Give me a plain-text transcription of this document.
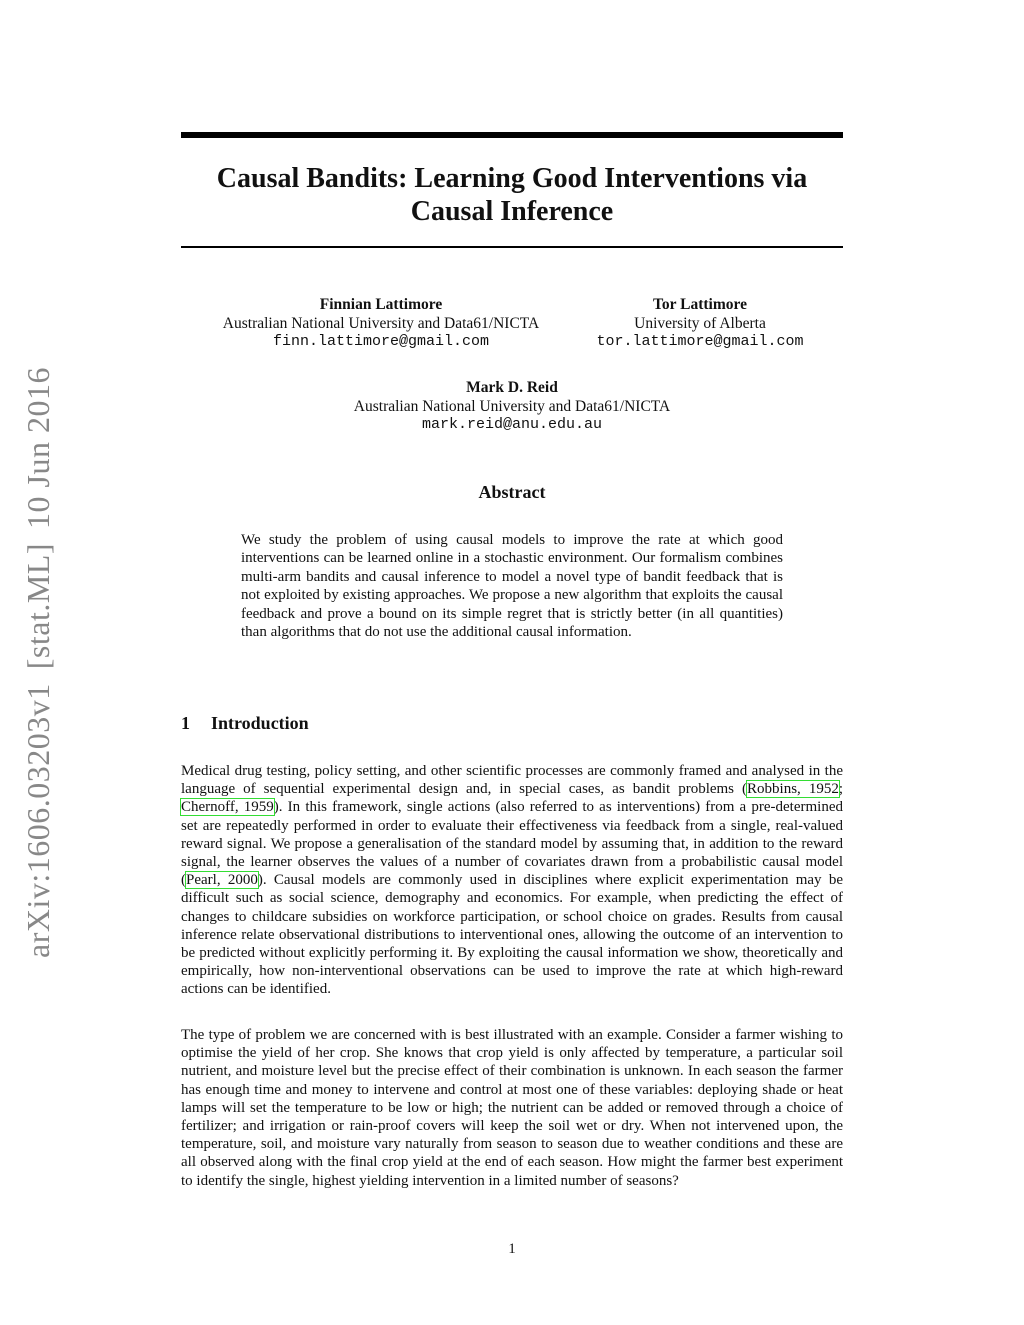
arXiv:1606.03203v1[stat.ML]10 Jun 2016
Causal Bandits: Learning Good Interventions via
Causal Inference
Finnian Lattimore
Australian National University and Data61/NICTA
finn.lattimore@gmail.com
Tor Lattimore
University of Alberta
tor.lattimore@gmail.com
Mark D. Reid
Australian National University and Data61/NICTA
mark.reid@anu.edu.au
Abstract
We study the problem of using causal models to improve the rate at which good interventions can be learned online in a stochastic environment. Our formalism combines multi-arm bandits and causal inference to model a novel type of bandit feedback that is not exploited by existing approaches. We propose a new algorithm that exploits the causal feedback and prove a bound on its simple regret that is strictly better (in all quantities) than algorithms that do not use the additional causal information.
1 Introduction
Medical drug testing, policy setting, and other scientific processes are commonly framed and analysed in the language of sequential experimental design and, in special cases, as bandit problems (Robbins, 1952; Chernoff, 1959). In this framework, single actions (also referred to as interventions) from a pre-determined set are repeatedly performed in order to evaluate their effectiveness via feedback from a single, real-valued reward signal. We propose a generalisation of the standard model by assuming that, in addition to the reward signal, the learner observes the values of a number of covariates drawn from a probabilistic causal model (Pearl, 2000). Causal models are commonly used in disciplines where explicit experimentation may be difficult such as social science, demography and economics. For example, when predicting the effect of changes to childcare subsidies on workforce participation, or school choice on grades. Results from causal inference relate observational distributions to interventional ones, allowing the outcome of an intervention to be predicted without explicitly performing it. By exploiting the causal information we show, theoretically and empirically, how non-interventional observations can be used to improve the rate at which high-reward actions can be identified.
The type of problem we are concerned with is best illustrated with an example. Consider a farmer wishing to optimise the yield of her crop. She knows that crop yield is only affected by temperature, a particular soil nutrient, and moisture level but the precise effect of their combination is unknown. In each season the farmer has enough time and money to intervene and control at most one of these variables: deploying shade or heat lamps will set the temperature to be low or high; the nutrient can be added or removed through a choice of fertilizer; and irrigation or rain-proof covers will keep the soil wet or dry. When not intervened upon, the temperature, soil, and moisture vary naturally from season to season due to weather conditions and these are all observed along with the final crop yield at the end of each season. How might the farmer best experiment to identify the single, highest yielding intervention in a limited number of seasons?
1
